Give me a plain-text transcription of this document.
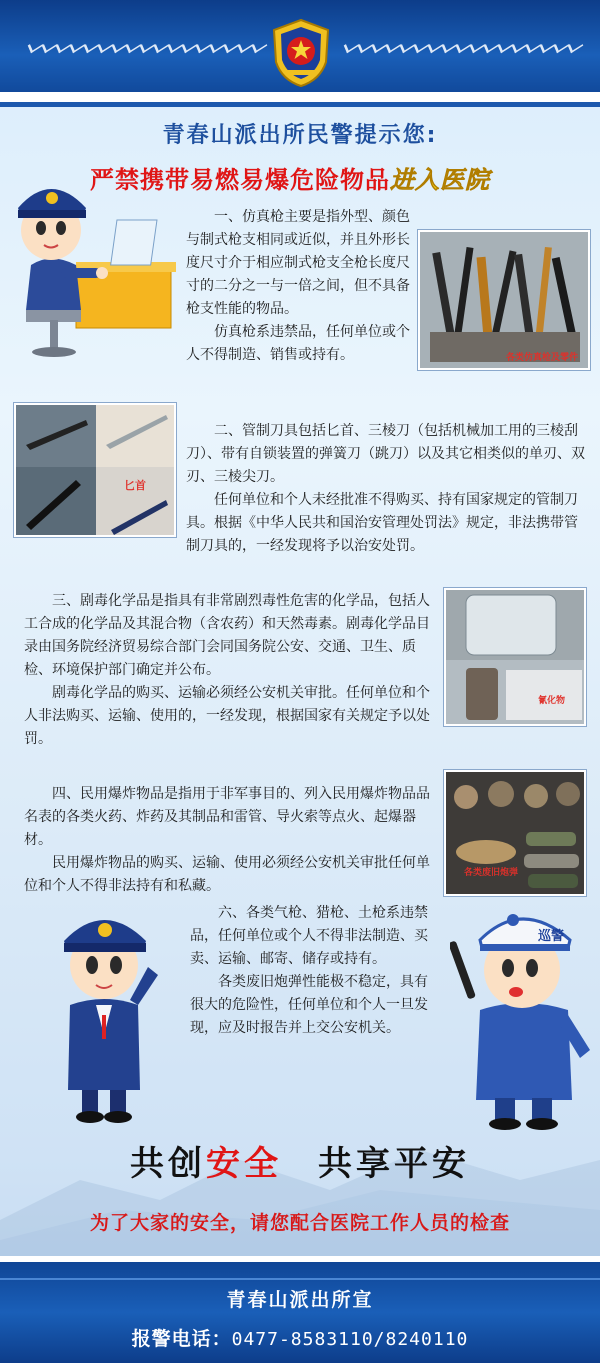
青春山派出所民警提示您:
严禁携带易燃易爆危险物品进入医院

一、仿真枪主要是指外型、颜色与制式枪支相同或近似，并且外形长度尺寸介于相应制式枪支全枪长度尺寸的二分之一与一倍之间，但不具备枪支性能的物品。

仿真枪系违禁品，任何单位或个人不得制造、销售或持有。	各类仿真枪及零件
匕首

二、管制刀具包括匕首、三棱刀（包括机械加工用的三棱刮刀）、带有自锁装置的弹簧刀（跳刀）以及其它相类似的单刃、双刃、三棱尖刀。

任何单位和个人未经批准不得购买、持有国家规定的管制刀具。根据《中华人民共和国治安管理处罚法》规定，非法携带管制刀具的，一经发现将予以治安处罚。

三、剧毒化学品是指具有非常剧烈毒性危害的化学品，包括人工合成的化学品及其混合物（含农药）和天然毒素。剧毒化学品目录由国务院经济贸易综合部门会同国务院公安、交通、卫生、质检、环境保护部门确定并公布。

剧毒化学品的购买、运输必须经公安机关审批。任何单位和个人非法购买、运输、使用的，一经发现，根据国家有关规定予以处罚。

氰化物

四、民用爆炸物品是指用于非军事目的、列入民用爆炸物品品名表的各类火药、炸药及其制品和雷管、导火索等点火、起爆器材。

民用爆炸物品的购买、运输、使用必须经公安机关审批任何单位和个人不得非法持有和私藏。

各类废旧炮弹

六、各类气枪、猎枪、土枪系违禁品，任何单位或个人不得非法制造、买卖、运输、邮寄、储存或持有。

各类废旧炮弹性能极不稳定，具有很大的危险性，任何单位和个人一旦发现，应及时报告并上交公安机关。

巡警
共创安全 共享平安
为了大家的安全，请您配合医院工作人员的检查
青春山派出所宣
报警电话：0477-8583110/8240110
